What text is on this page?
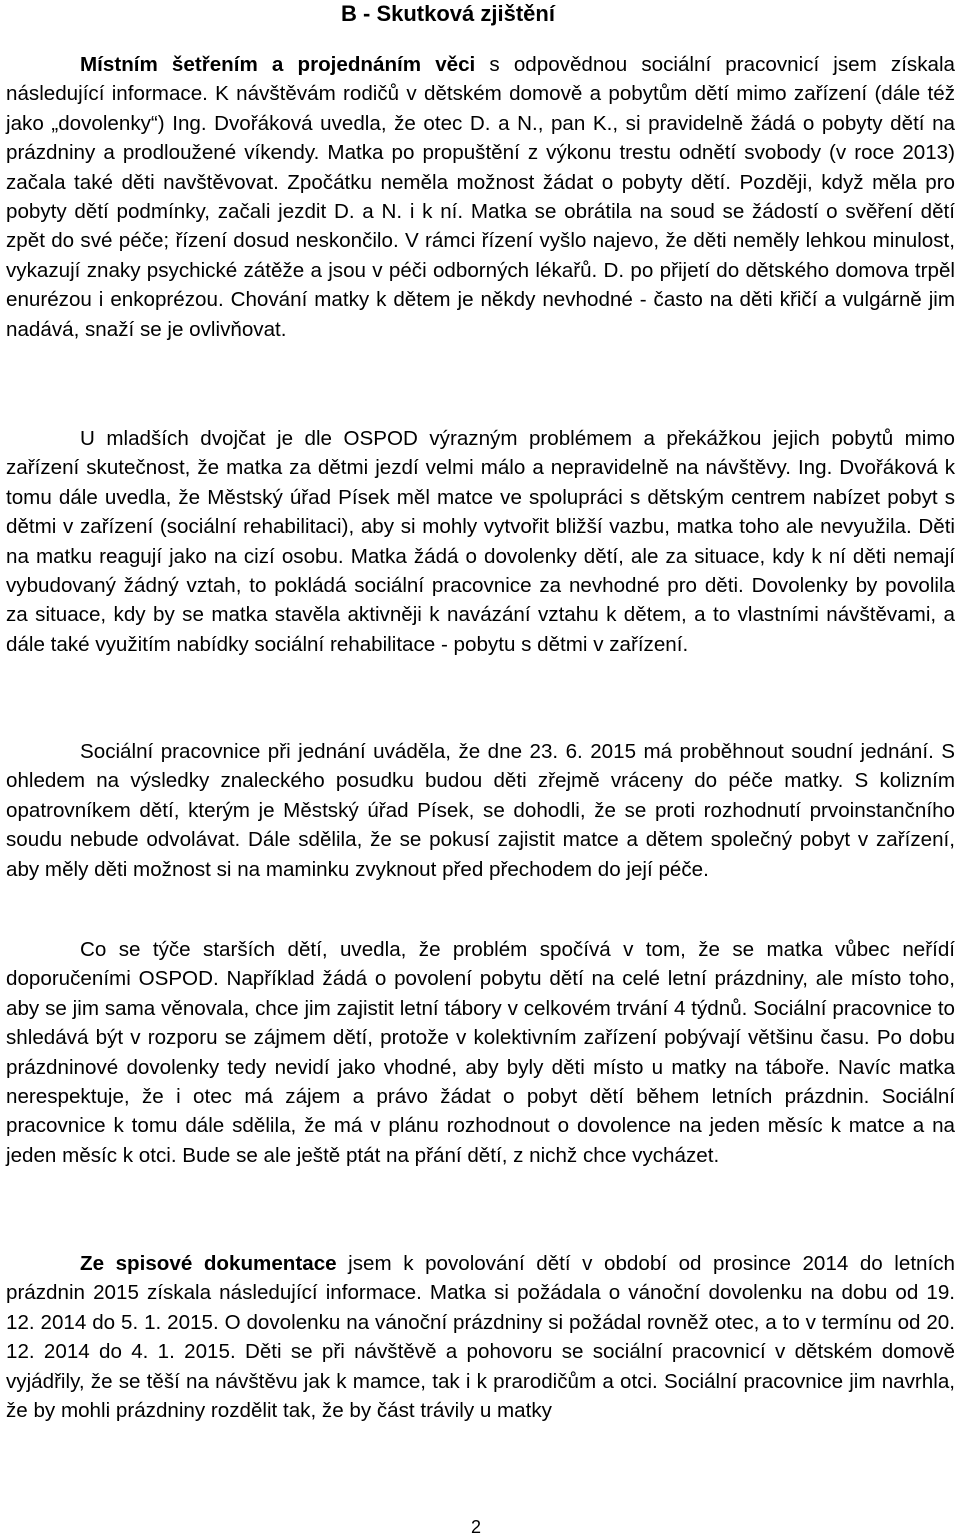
B - Skutková zjištění

Místním šetřením a projednáním věci s odpovědnou sociální pracovnicí jsem získala následující informace. K návštěvám rodičů v dětském domově a pobytům dětí mimo zařízení (dále též jako „dovolenky“) Ing. Dvořáková uvedla, že otec D. a N., pan K., si pravidelně žádá o pobyty dětí na prázdniny a prodloužené víkendy. Matka po propuštění z výkonu trestu odnětí svobody (v roce 2013) začala také děti navštěvovat. Zpočátku neměla možnost žádat o pobyty dětí. Později, když měla pro pobyty dětí podmínky, začali jezdit D. a N. i k ní. Matka se obrátila na soud se žádostí o svěření dětí zpět do své péče; řízení dosud neskončilo. V rámci řízení vyšlo najevo, že děti neměly lehkou minulost, vykazují znaky psychické zátěže a jsou v péči odborných lékařů. D. po přijetí do dětského domova trpěl enurézou i enkoprézou. Chování matky k dětem je někdy nevhodné - často na děti křičí a vulgárně jim nadává, snaží se je ovlivňovat.

U mladších dvojčat je dle OSPOD výrazným problémem a překážkou jejich pobytů mimo zařízení skutečnost, že matka za dětmi jezdí velmi málo a nepravidelně na návštěvy. Ing. Dvořáková k tomu dále uvedla, že Městský úřad Písek měl matce ve spolupráci s dětským centrem nabízet pobyt s dětmi v zařízení (sociální rehabilitaci), aby si mohly vytvořit bližší vazbu, matka toho ale nevyužila. Děti na matku reagují jako na cizí osobu. Matka žádá o dovolenky dětí, ale za situace, kdy k ní děti nemají vybudovaný žádný vztah, to pokládá sociální pracovnice za nevhodné pro děti. Dovolenky by povolila za situace, kdy by se matka stavěla aktivněji k navázání vztahu k dětem, a to vlastními návštěvami, a dále také využitím nabídky sociální rehabilitace - pobytu s dětmi v zařízení.

Sociální pracovnice při jednání uváděla, že dne 23. 6. 2015 má proběhnout soudní jednání. S ohledem na výsledky znaleckého posudku budou děti zřejmě vráceny do péče matky. S kolizním opatrovníkem dětí, kterým je Městský úřad Písek, se dohodli, že se proti rozhodnutí prvoinstančního soudu nebude odvolávat. Dále sdělila, že se pokusí zajistit matce a dětem společný pobyt v zařízení, aby měly děti možnost si na maminku zvyknout před přechodem do její péče.

Co se týče starších dětí, uvedla, že problém spočívá v tom, že se matka vůbec neřídí doporučeními OSPOD. Například žádá o povolení pobytu dětí na celé letní prázdniny, ale místo toho, aby se jim sama věnovala, chce jim zajistit letní tábory v celkovém trvání 4 týdnů. Sociální pracovnice to shledává být v rozporu se zájmem dětí, protože v kolektivním zařízení pobývají většinu času. Po dobu prázdninové dovolenky tedy nevidí jako vhodné, aby byly děti místo u matky na táboře. Navíc matka nerespektuje, že i otec má zájem a právo žádat o pobyt dětí během letních prázdnin. Sociální pracovnice k tomu dále sdělila, že má v plánu rozhodnout o dovolence na jeden měsíc k matce a na jeden měsíc k otci. Bude se ale ještě ptát na přání dětí, z nichž chce vycházet.

Ze spisové dokumentace jsem k povolování dětí v období od prosince 2014 do letních prázdnin 2015 získala následující informace. Matka si požádala o vánoční dovolenku na dobu od 19. 12. 2014 do 5. 1. 2015. O dovolenku na vánoční prázdniny si požádal rovněž otec, a to v termínu od 20. 12. 2014 do 4. 1. 2015. Děti se při návštěvě a pohovoru se sociální pracovnicí v dětském domově vyjádřily, že se těší na návštěvu jak k mamce, tak i k prarodičům a otci. Sociální pracovnice jim navrhla, že by mohli prázdniny rozdělit tak, že by část trávily u matky

2
